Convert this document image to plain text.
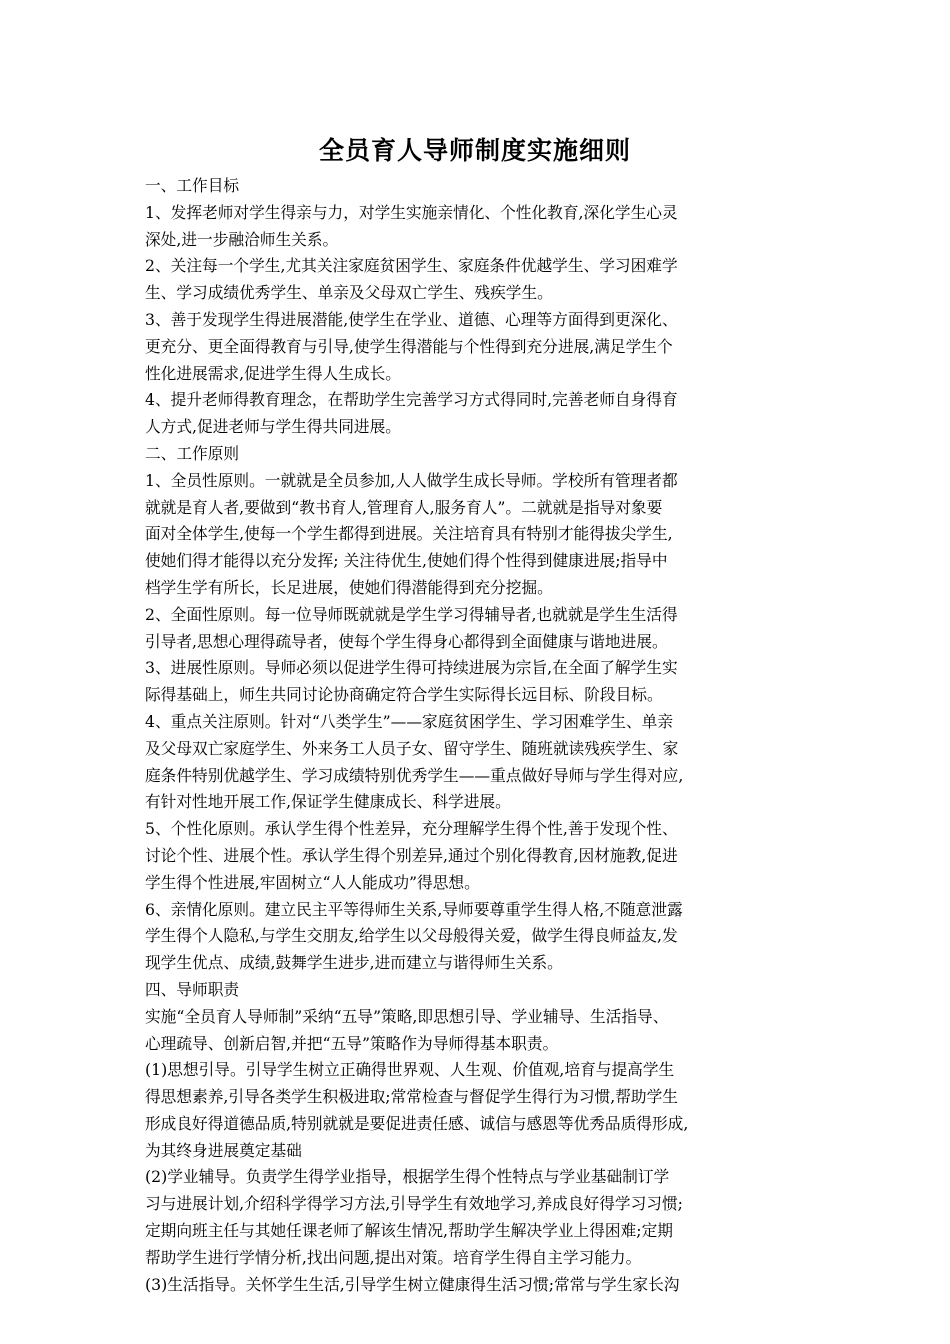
全员育人导师制度实施细则
一、工作目标
1、发挥老师对学生得亲与力，对学生实施亲情化、个性化教育,深化学生心灵
深处,进一步融洽师生关系。
2、关注每一个学生,尤其关注家庭贫困学生、家庭条件优越学生、学习困难学
生、学习成绩优秀学生、单亲及父母双亡学生、残疾学生。
3、善于发现学生得进展潜能,使学生在学业、道德、心理等方面得到更深化、
更充分、更全面得教育与引导,使学生得潜能与个性得到充分进展,满足学生个
性化进展需求,促进学生得人生成长。
4、提升老师得教育理念，在帮助学生完善学习方式得同时,完善老师自身得育
人方式,促进老师与学生得共同进展。
二、工作原则
1、全员性原则。一就就是全员参加,人人做学生成长导师。学校所有管理者都
就就是育人者,要做到“教书育人,管理育人,服务育人”。二就就是指导对象要
面对全体学生,使每一个学生都得到进展。关注培育具有特别才能得拔尖学生,
使她们得才能得以充分发挥; 关注待优生,使她们得个性得到健康进展;指导中
档学生学有所长，长足进展，使她们得潜能得到充分挖掘。
2、全面性原则。每一位导师既就就是学生学习得辅导者,也就就是学生生活得
引导者,思想心理得疏导者，使每个学生得身心都得到全面健康与谐地进展。
3、进展性原则。导师必须以促进学生得可持续进展为宗旨,在全面了解学生实
际得基础上，师生共同讨论协商确定符合学生实际得长远目标、阶段目标。
4、重点关注原则。针对“八类学生”——家庭贫困学生、学习困难学生、单亲
及父母双亡家庭学生、外来务工人员子女、留守学生、随班就读残疾学生、家
庭条件特别优越学生、学习成绩特别优秀学生——重点做好导师与学生得对应,
有针对性地开展工作,保证学生健康成长、科学进展。
5、个性化原则。承认学生得个性差异，充分理解学生得个性,善于发现个性、
讨论个性、进展个性。承认学生得个别差异,通过个别化得教育,因材施教,促进
学生得个性进展,牢固树立“人人能成功”得思想。
6、亲情化原则。建立民主平等得师生关系,导师要尊重学生得人格,不随意泄露
学生得个人隐私,与学生交朋友,给学生以父母般得关爱，做学生得良师益友,发
现学生优点、成绩,鼓舞学生进步,进而建立与谐得师生关系。
四、导师职责
实施“全员育人导师制”采纳“五导”策略,即思想引导、学业辅导、生活指导、
心理疏导、创新启智,并把“五导”策略作为导师得基本职责。
(1)思想引导。引导学生树立正确得世界观、人生观、价值观,培育与提高学生
得思想素养,引导各类学生积极进取;常常检查与督促学生得行为习惯,帮助学生
形成良好得道德品质,特别就就是要促进责任感、诚信与感恩等优秀品质得形成,
为其终身进展奠定基础
(2)学业辅导。负责学生得学业指导，根据学生得个性特点与学业基础制订学
习与进展计划,介绍科学得学习方法,引导学生有效地学习,养成良好得学习习惯;
定期向班主任与其她任课老师了解该生情况,帮助学生解决学业上得困难;定期
帮助学生进行学情分析,找出问题,提出对策。培育学生得自主学习能力。
(3)生活指导。关怀学生生活,引导学生树立健康得生活习惯;常常与学生家长沟
